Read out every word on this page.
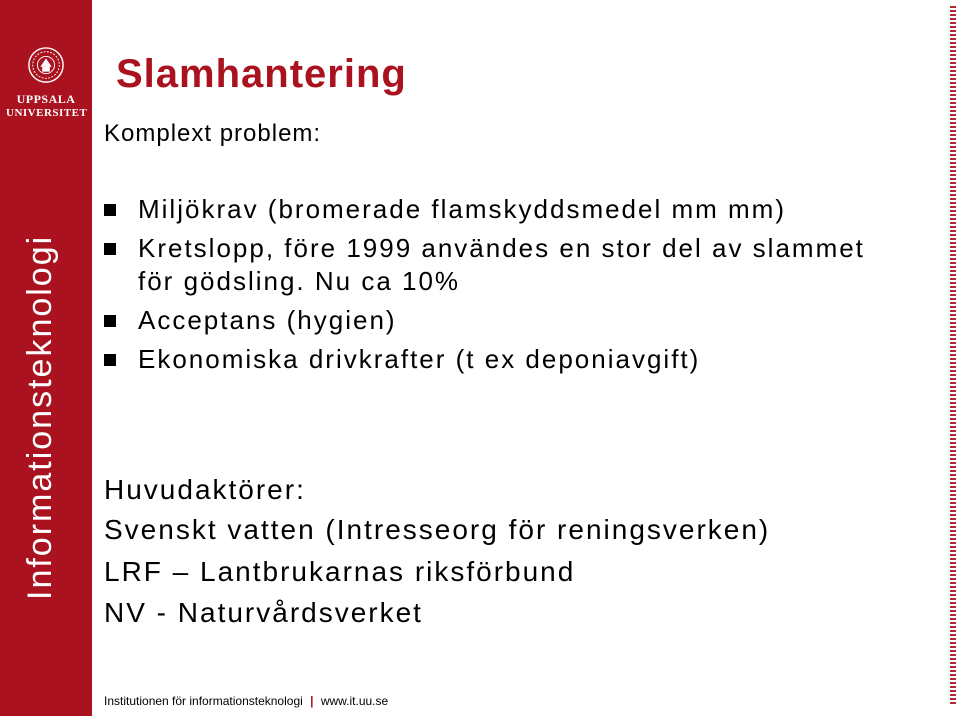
UPPSALA
UNIVERSITET
Informationsteknologi
Slamhantering
Komplext problem:
Miljökrav (bromerade flamskyddsmedel mm mm)
Kretslopp, före 1999 användes en stor del av slammet för gödsling. Nu ca 10%
Acceptans (hygien)
Ekonomiska drivkrafter (t ex deponiavgift)
Huvudaktörer:
Svenskt vatten (Intresseorg för reningsverken)
LRF – Lantbrukarnas riksförbund
NV - Naturvårdsverket
Institutionen för informationsteknologi | www.it.uu.se
